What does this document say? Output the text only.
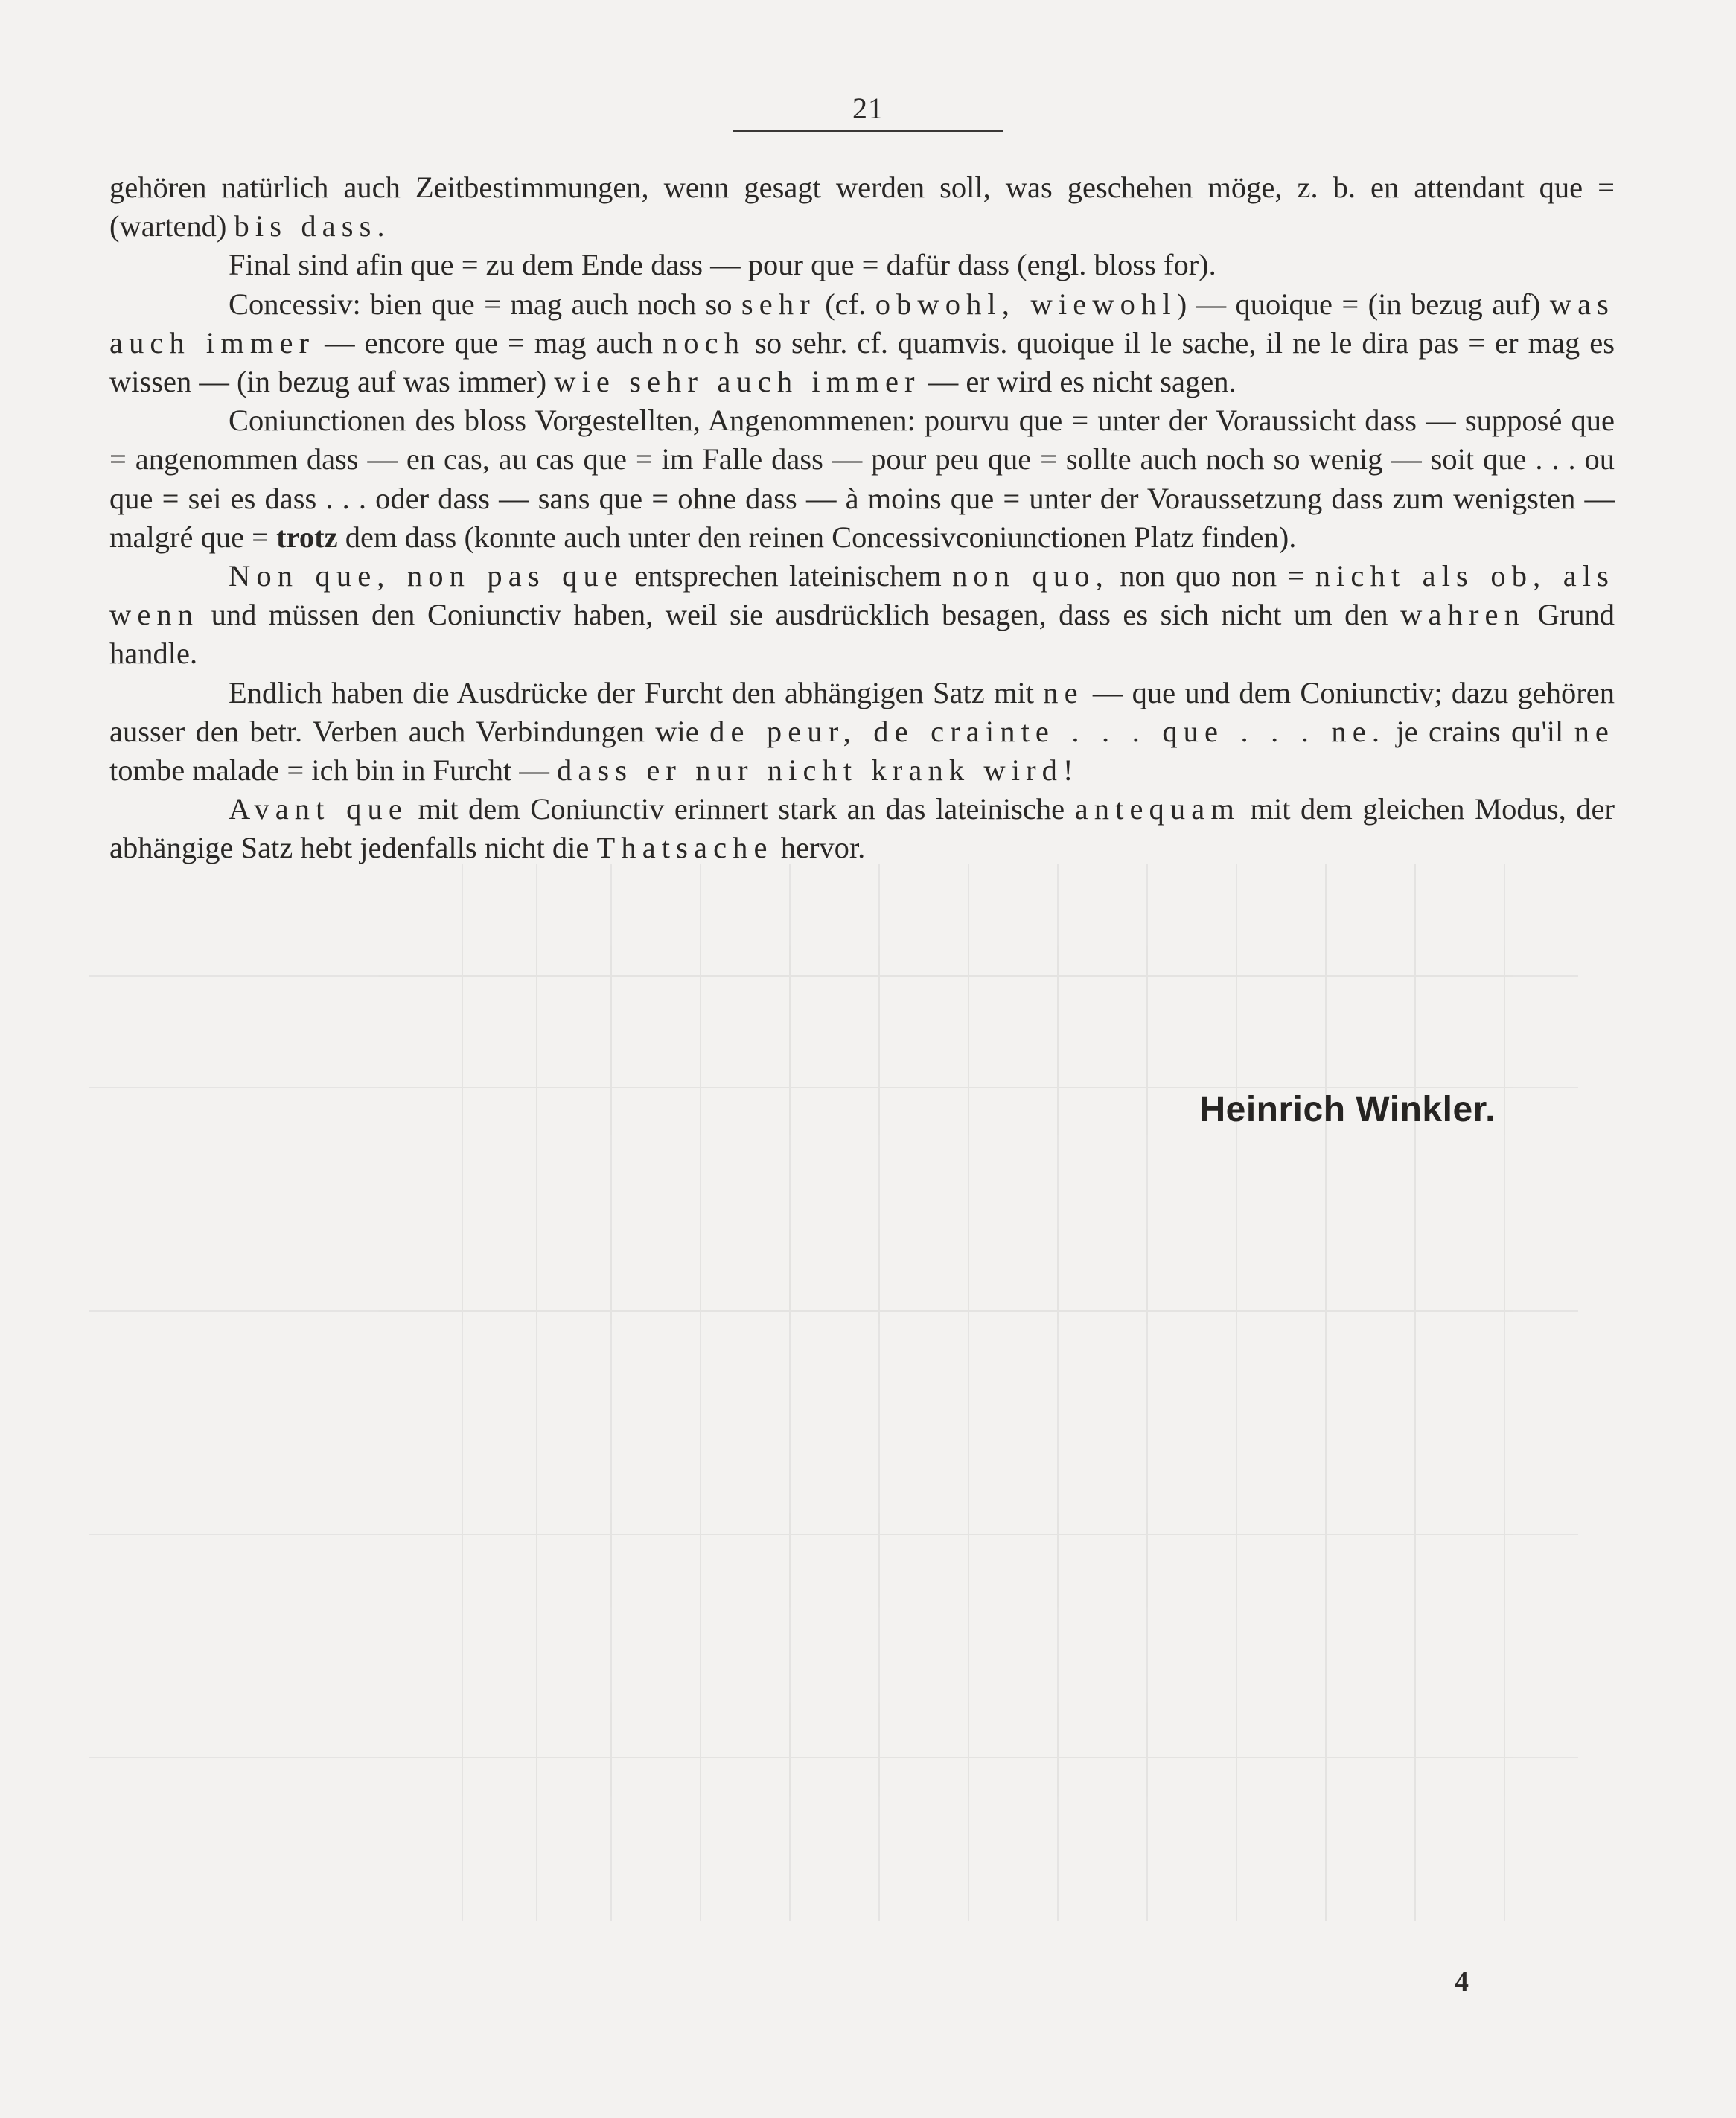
21

gehören natürlich auch Zeitbestimmungen, wenn gesagt werden soll, was geschehen möge, z. b. en attendant que = (wartend) bis dass.

Final sind afin que = zu dem Ende dass — pour que = dafür dass (engl. bloss for).

Concessiv: bien que = mag auch noch so sehr (cf. obwohl, wiewohl) — quoique = (in bezug auf) was auch immer — encore que = mag auch noch so sehr. cf. quamvis. quoique il le sache, il ne le dira pas = er mag es wissen — (in bezug auf was immer) wie sehr auch immer — er wird es nicht sagen.

Coniunctionen des bloss Vorgestellten, Angenommenen: pourvu que = unter der Voraussicht dass — supposé que = angenommen dass — en cas, au cas que = im Falle dass — pour peu que = sollte auch noch so wenig — soit que . . . ou que = sei es dass . . . oder dass — sans que = ohne dass — à moins que = unter der Voraussetzung dass zum wenigsten — malgré que = trotz dem dass (konnte auch unter den reinen Concessivconiunctionen Platz finden).

Non que, non pas que entsprechen lateinischem non quo, non quo non = nicht als ob, als wenn und müssen den Coniunctiv haben, weil sie ausdrücklich besagen, dass es sich nicht um den wahren Grund handle.

Endlich haben die Ausdrücke der Furcht den abhängigen Satz mit ne — que und dem Coniunctiv; dazu gehören ausser den betr. Verben auch Verbindungen wie de peur, de crainte . . . que . . . ne. je crains qu'il ne tombe malade = ich bin in Furcht — dass er nur nicht krank wird!

Avant que mit dem Coniunctiv erinnert stark an das lateinische antequam mit dem gleichen Modus, der abhängige Satz hebt jedenfalls nicht die Thatsache hervor.

Heinrich Winkler.
4
